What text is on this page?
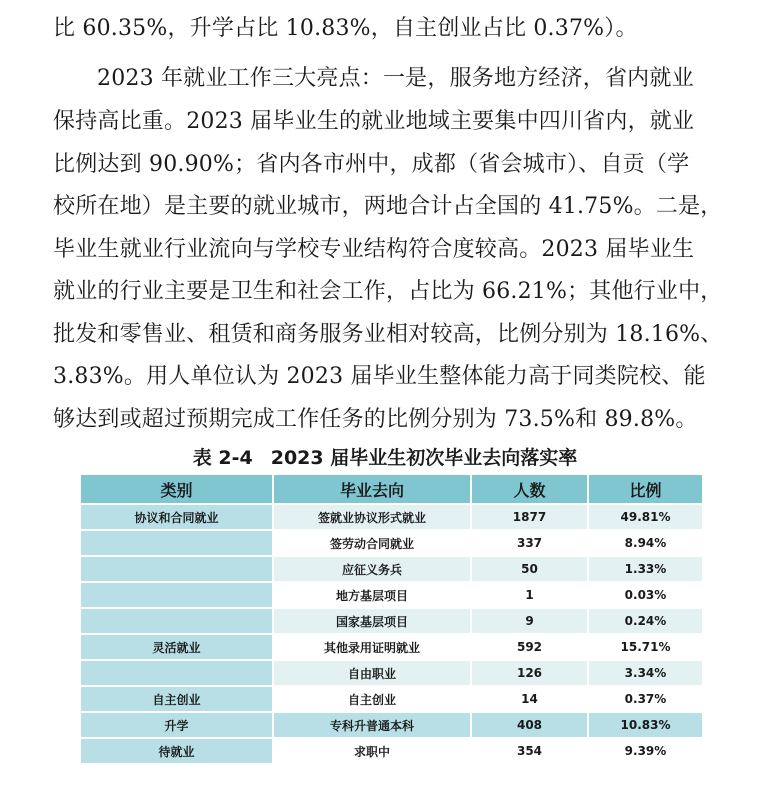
比 60.35%，升学占比 10.83%，自主创业占比 0.37%）。
2023 年就业工作三大亮点：一是，服务地方经济，省内就业
保持高比重。2023 届毕业生的就业地域主要集中四川省内，就业
比例达到 90.90%；省内各市州中，成都（省会城市）、自贡（学
校所在地）是主要的就业城市，两地合计占全国的 41.75%。二是，
毕业生就业行业流向与学校专业结构符合度较高。2023 届毕业生
就业的行业主要是卫生和社会工作，占比为 66.21%；其他行业中，
批发和零售业、租赁和商务服务业相对较高，比例分别为 18.16%、
3.83%。用人单位认为 2023 届毕业生整体能力高于同类院校、能
够达到或超过预期完成工作任务的比例分别为 73.5%和 89.8%。
表 2-4 2023 届毕业生初次毕业去向落实率
类别	毕业去向	人数	比例
协议和合同就业	签就业协议形式就业	1877	49.81%
	签劳动合同就业	337	8.94%
	应征义务兵	50	1.33%
	地方基层项目	1	0.03%
	国家基层项目	9	0.24%
灵活就业	其他录用证明就业	592	15.71%
	自由职业	126	3.34%
自主创业	自主创业	14	0.37%
升学	专科升普通本科	408	10.83%
待就业	求职中	354	9.39%
